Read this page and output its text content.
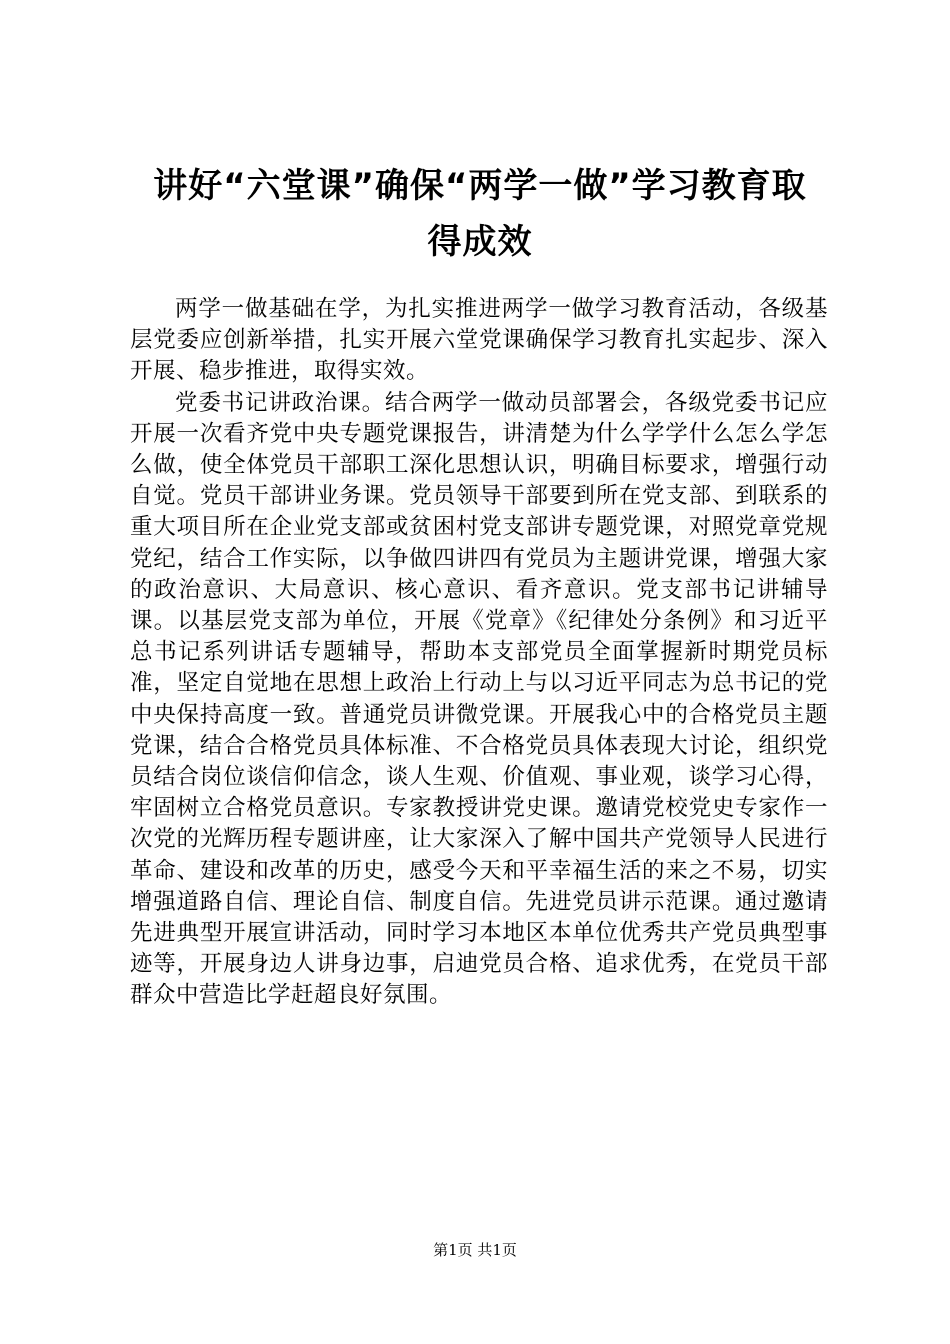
讲好“六堂课”确保“两学一做”学习教育取
得成效

两学一做基础在学，为扎实推进两学一做学习教育活动，各级基层党委应创新举措，扎实开展六堂党课确保学习教育扎实起步、深入开展、稳步推进，取得实效。

党委书记讲政治课。结合两学一做动员部署会，各级党委书记应开展一次看齐党中央专题党课报告，讲清楚为什么学学什么怎么学怎么做，使全体党员干部职工深化思想认识，明确目标要求，增强行动自觉。党员干部讲业务课。党员领导干部要到所在党支部、到联系的重大项目所在企业党支部或贫困村党支部讲专题党课，对照党章党规党纪，结合工作实际，以争做四讲四有党员为主题讲党课，增强大家的政治意识、大局意识、核心意识、看齐意识。党支部书记讲辅导课。以基层党支部为单位，开展《党章》《纪律处分条例》和习近平总书记系列讲话专题辅导，帮助本支部党员全面掌握新时期党员标准，坚定自觉地在思想上政治上行动上与以习近平同志为总书记的党中央保持高度一致。普通党员讲微党课。开展我心中的合格党员主题党课，结合合格党员具体标准、不合格党员具体表现大讨论，组织党员结合岗位谈信仰信念，谈人生观、价值观、事业观，谈学习心得，牢固树立合格党员意识。专家教授讲党史课。邀请党校党史专家作一次党的光辉历程专题讲座，让大家深入了解中国共产党领导人民进行革命、建设和改革的历史，感受今天和平幸福生活的来之不易，切实增强道路自信、理论自信、制度自信。先进党员讲示范课。通过邀请先进典型开展宣讲活动，同时学习本地区本单位优秀共产党员典型事迹等，开展身边人讲身边事，启迪党员合格、追求优秀，在党员干部群众中营造比学赶超良好氛围。

第1页 共1页
